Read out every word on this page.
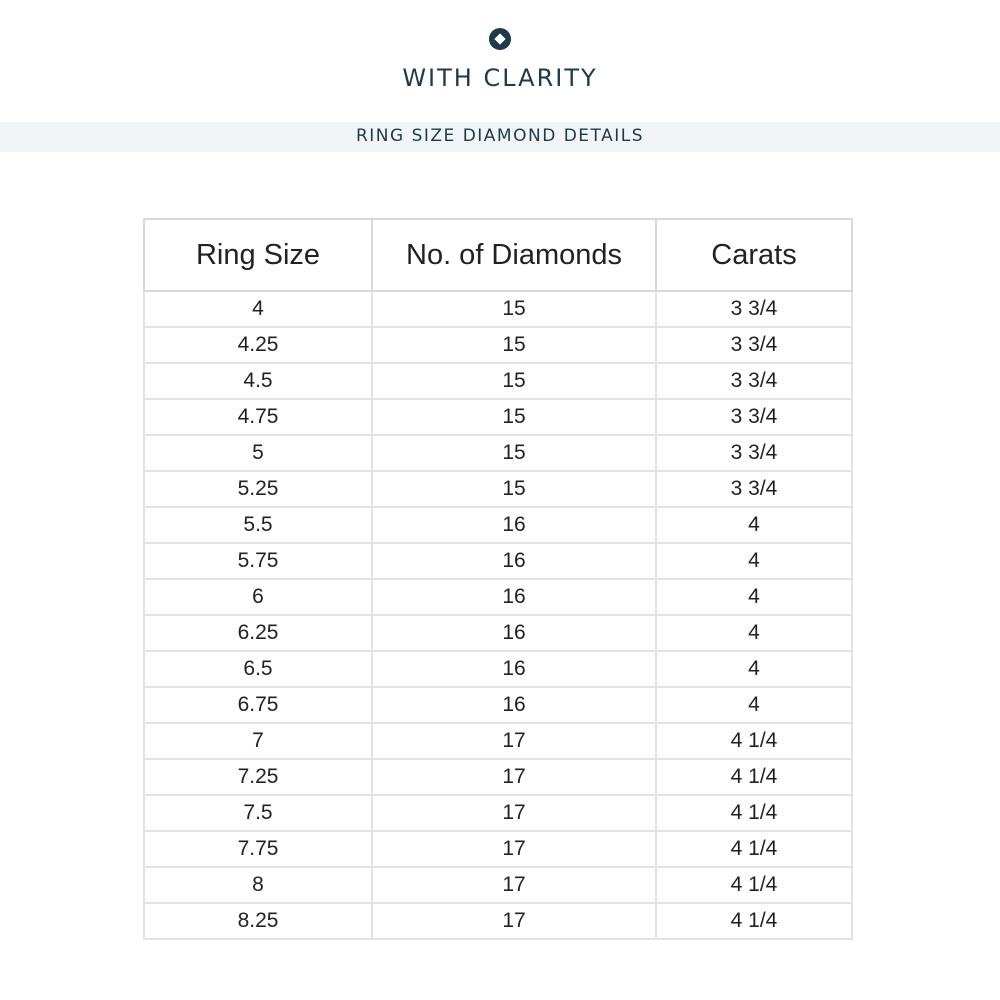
WITH CLARITY
RING SIZE DIAMOND DETAILS
Ring Size	No. of Diamonds	Carats
4	15	3 3/4
4.25	15	3 3/4
4.5	15	3 3/4
4.75	15	3 3/4
5	15	3 3/4
5.25	15	3 3/4
5.5	16	4
5.75	16	4
6	16	4
6.25	16	4
6.5	16	4
6.75	16	4
7	17	4 1/4
7.25	17	4 1/4
7.5	17	4 1/4
7.75	17	4 1/4
8	17	4 1/4
8.25	17	4 1/4
